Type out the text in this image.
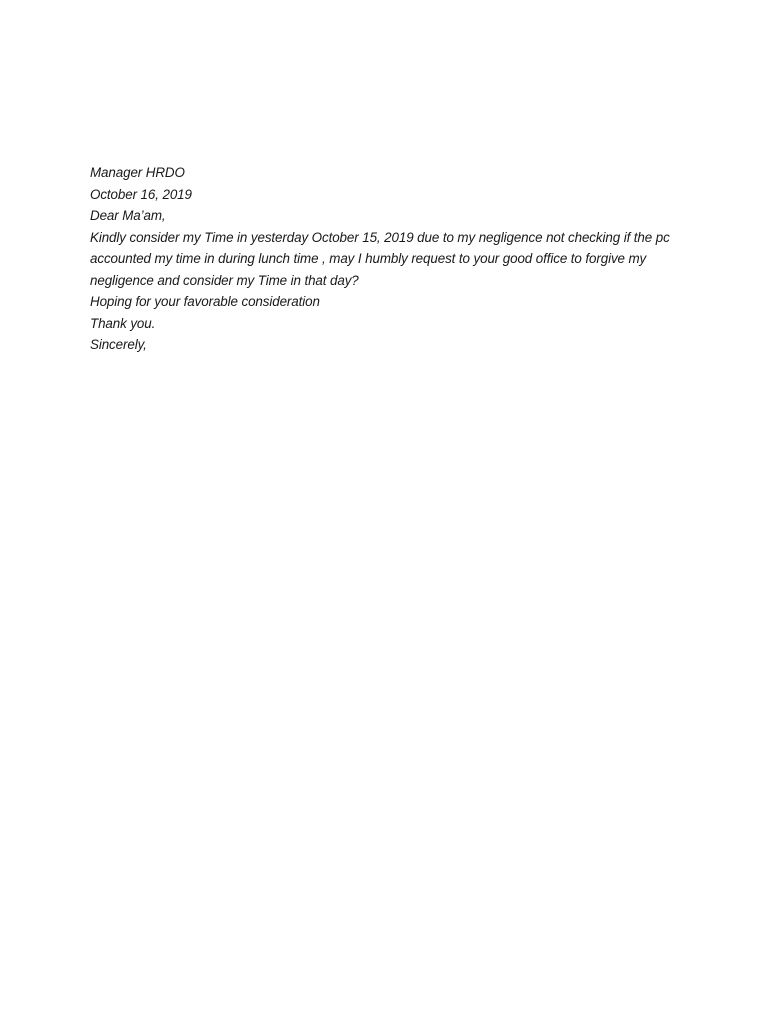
Manager HRDO

October 16, 2019

Dear Ma’am,

Kindly consider my Time in yesterday October 15, 2019 due to my negligence not checking if the pc accounted my time in during lunch time , may I humbly request to your good office to forgive my negligence and consider my Time in that day?

Hoping for your favorable consideration

Thank you.

Sincerely,
